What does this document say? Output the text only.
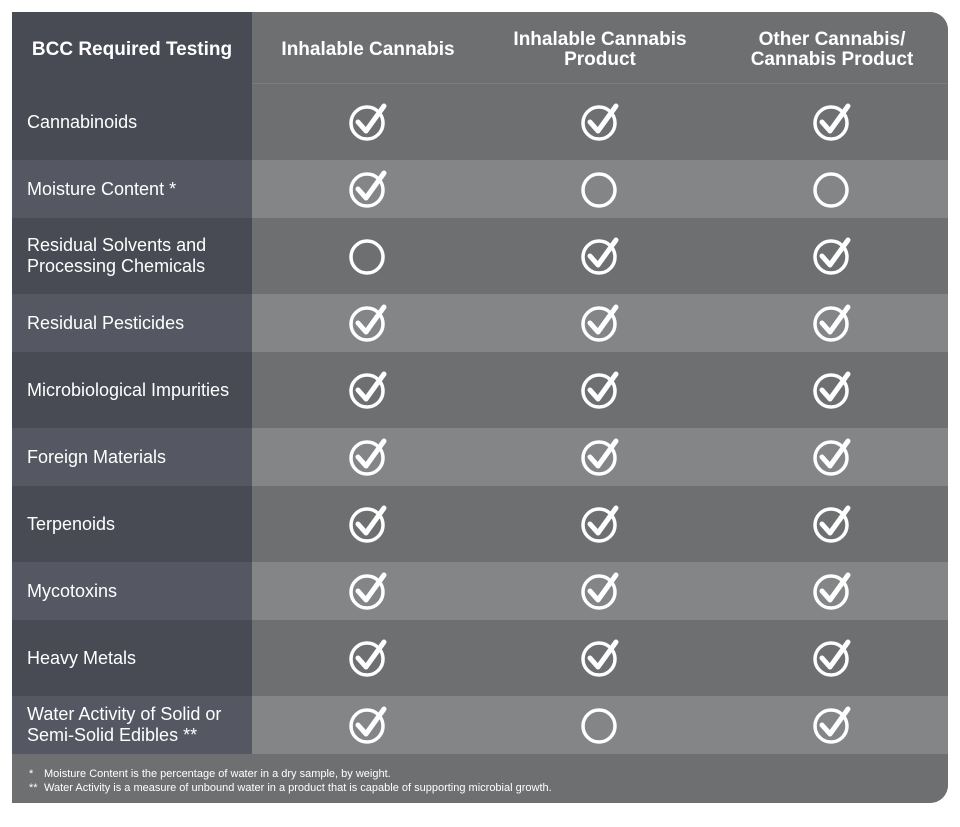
BCC Required Testing	Inhalable Cannabis	Inhalable Cannabis Product
Other Cannabis/ Cannabis Product
Cannabinoids
Moisture Content *
Residual Solvents and Processing Chemicals
Residual Pesticides
Microbiological Impurities
Foreign Materials
Terpenoids
Mycotoxins
Heavy Metals
Water Activity of Solid or Semi-Solid Edibles **
* Moisture Content is the percentage of water in a dry sample, by weight.
** Water Activity is a measure of unbound water in a product that is capable of supporting microbial growth.
